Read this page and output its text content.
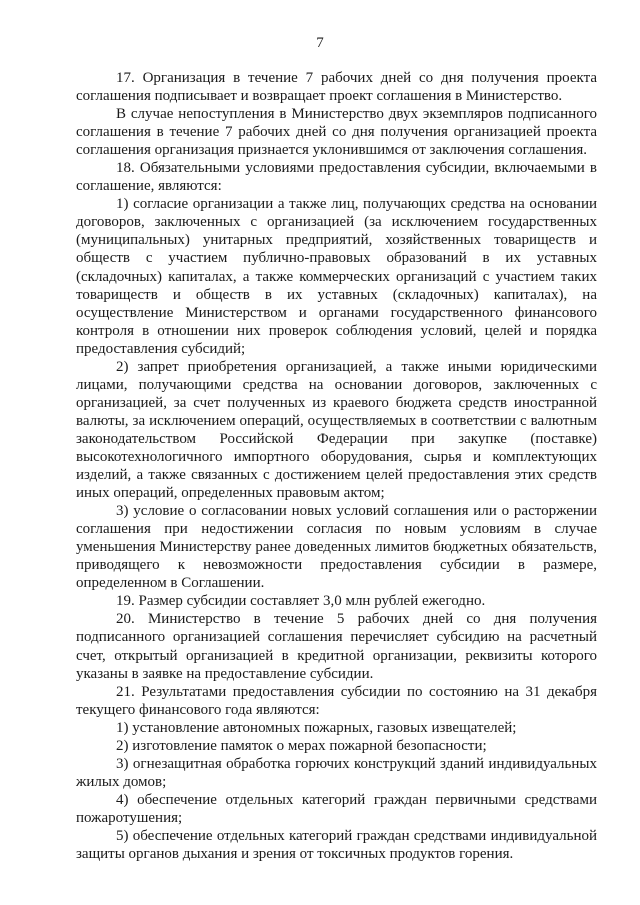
7

17. Организация в течение 7 рабочих дней со дня получения проекта соглашения подписывает и возвращает проект соглашения в Министерство.

В случае непоступления в Министерство двух экземпляров подписанного соглашения в течение 7 рабочих дней со дня получения организацией проекта соглашения организация признается уклонившимся от заключения соглашения.

18. Обязательными условиями предоставления субсидии, включаемыми в соглашение, являются:

1) согласие организации а также лиц, получающих средства на основании договоров, заключенных с организацией (за исключением государственных (муниципальных) унитарных предприятий, хозяйственных товариществ и обществ с участием публично-правовых образований в их уставных (складочных) капиталах, а также коммерческих организаций с участием таких товариществ и обществ в их уставных (складочных) капиталах), на осуществление Министерством и органами государственного финансового контроля в отношении них проверок соблюдения условий, целей и порядка предоставления субсидий;

2) запрет приобретения организацией, а также иными юридическими лицами, получающими средства на основании договоров, заключенных с организацией, за счет полученных из краевого бюджета средств иностранной валюты, за исключением операций, осуществляемых в соответствии с валютным законодательством Российской Федерации при закупке (поставке) высокотехнологичного импортного оборудования, сырья и комплектующих изделий, а также связанных с достижением целей предоставления этих средств иных операций, определенных правовым актом;

3) условие о согласовании новых условий соглашения или о расторжении соглашения при недостижении согласия по новым условиям в случае уменьшения Министерству ранее доведенных лимитов бюджетных обязательств, приводящего к невозможности предоставления субсидии в размере, определенном в Соглашении.

19. Размер субсидии составляет 3,0 млн рублей ежегодно.

20. Министерство в течение 5 рабочих дней со дня получения подписанного организацией соглашения перечисляет субсидию на расчетный счет, открытый организацией в кредитной организации, реквизиты которого указаны в заявке на предоставление субсидии.

21. Результатами предоставления субсидии по состоянию на 31 декабря текущего финансового года являются:

1) установление автономных пожарных, газовых извещателей;

2) изготовление памяток о мерах пожарной безопасности;

3) огнезащитная обработка горючих конструкций зданий индивидуальных жилых домов;

4) обеспечение отдельных категорий граждан первичными средствами пожаротушения;

5) обеспечение отдельных категорий граждан средствами индивидуальной защиты органов дыхания и зрения от токсичных продуктов горения.
